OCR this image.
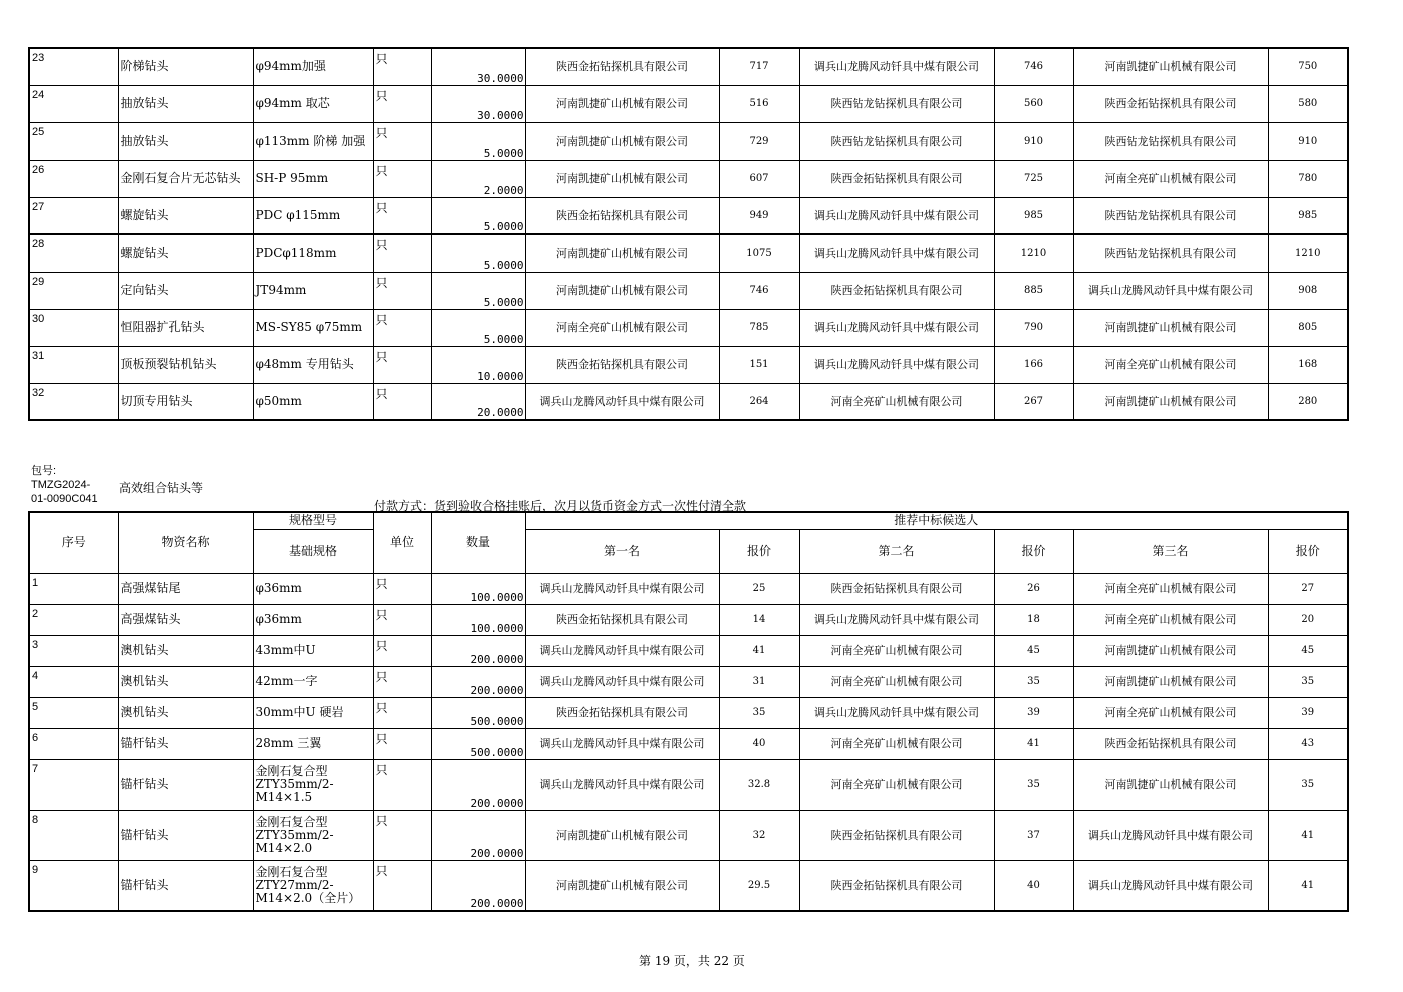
23	阶梯钻头	φ94mm加强	只	30.0000	陕西金拓钻探机具有限公司	717	调兵山龙腾风动钎具中煤有限公司	746	河南凯捷矿山机械有限公司	750
24	抽放钻头	φ94mm 取芯	只	30.0000	河南凯捷矿山机械有限公司	516	陕西钻龙钻探机具有限公司	560	陕西金拓钻探机具有限公司	580
25	抽放钻头	φ113mm 阶梯 加强	只	5.0000	河南凯捷矿山机械有限公司	729	陕西钻龙钻探机具有限公司	910	陕西钻龙钻探机具有限公司	910
26	金刚石复合片无芯钻头	SH-P 95mm	只	2.0000	河南凯捷矿山机械有限公司	607	陕西金拓钻探机具有限公司	725	河南全亮矿山机械有限公司	780
27	螺旋钻头	PDC φ115mm	只	5.0000	陕西金拓钻探机具有限公司	949	调兵山龙腾风动钎具中煤有限公司	985	陕西钻龙钻探机具有限公司	985
28	螺旋钻头	PDCφ118mm	只	5.0000	河南凯捷矿山机械有限公司	1075	调兵山龙腾风动钎具中煤有限公司	1210	陕西钻龙钻探机具有限公司	1210
29	定向钻头	JT94mm	只	5.0000	河南凯捷矿山机械有限公司	746	陕西金拓钻探机具有限公司	885	调兵山龙腾风动钎具中煤有限公司	908
30	恒阻器扩孔钻头	MS-SY85 φ75mm	只	5.0000	河南全亮矿山机械有限公司	785	调兵山龙腾风动钎具中煤有限公司	790	河南凯捷矿山机械有限公司	805
31	顶板预裂钻机钻头	φ48mm 专用钻头	只	10.0000	陕西金拓钻探机具有限公司	151	调兵山龙腾风动钎具中煤有限公司	166	河南全亮矿山机械有限公司	168
32	切顶专用钻头	φ50mm	只	20.0000	调兵山龙腾风动钎具中煤有限公司	264	河南全亮矿山机械有限公司	267	河南凯捷矿山机械有限公司	280
包号:
TMZG2024-
01-0090C041
高效组合钻头等
付款方式：货到验收合格挂账后，次月以货币资金方式一次性付清全款
序号	物资名称	规格型号	单位	数量	推荐中标候选人					
		基础规格			第一名	报价	第二名	报价	第三名	报价
1	高强煤钻尾	φ36mm	只	100.0000	调兵山龙腾风动钎具中煤有限公司	25	陕西金拓钻探机具有限公司	26	河南全亮矿山机械有限公司	27
2	高强煤钻头	φ36mm	只	100.0000	陕西金拓钻探机具有限公司	14	调兵山龙腾风动钎具中煤有限公司	18	河南全亮矿山机械有限公司	20
3	澳机钻头	43mm中U	只	200.0000	调兵山龙腾风动钎具中煤有限公司	41	河南全亮矿山机械有限公司	45	河南凯捷矿山机械有限公司	45
4	澳机钻头	42mm一字	只	200.0000	调兵山龙腾风动钎具中煤有限公司	31	河南全亮矿山机械有限公司	35	河南凯捷矿山机械有限公司	35
5	澳机钻头	30mm中U 硬岩	只	500.0000	陕西金拓钻探机具有限公司	35	调兵山龙腾风动钎具中煤有限公司	39	河南全亮矿山机械有限公司	39
6	锚杆钻头	28mm 三翼	只	500.0000	调兵山龙腾风动钎具中煤有限公司	40	河南全亮矿山机械有限公司	41	陕西金拓钻探机具有限公司	43
7	锚杆钻头	金刚石复合型 ZTY35mm/2-M14×1.5	只	200.0000	调兵山龙腾风动钎具中煤有限公司	32.8	河南全亮矿山机械有限公司	35	河南凯捷矿山机械有限公司	35
8	锚杆钻头	金刚石复合型 ZTY35mm/2-M14×2.0	只	200.0000	河南凯捷矿山机械有限公司	32	陕西金拓钻探机具有限公司	37	调兵山龙腾风动钎具中煤有限公司	41
9	锚杆钻头	金刚石复合型 ZTY27mm/2-M14×2.0（全片）	只	200.0000	河南凯捷矿山机械有限公司	29.5	陕西金拓钻探机具有限公司	40	调兵山龙腾风动钎具中煤有限公司	41
第 19 页，共 22 页
